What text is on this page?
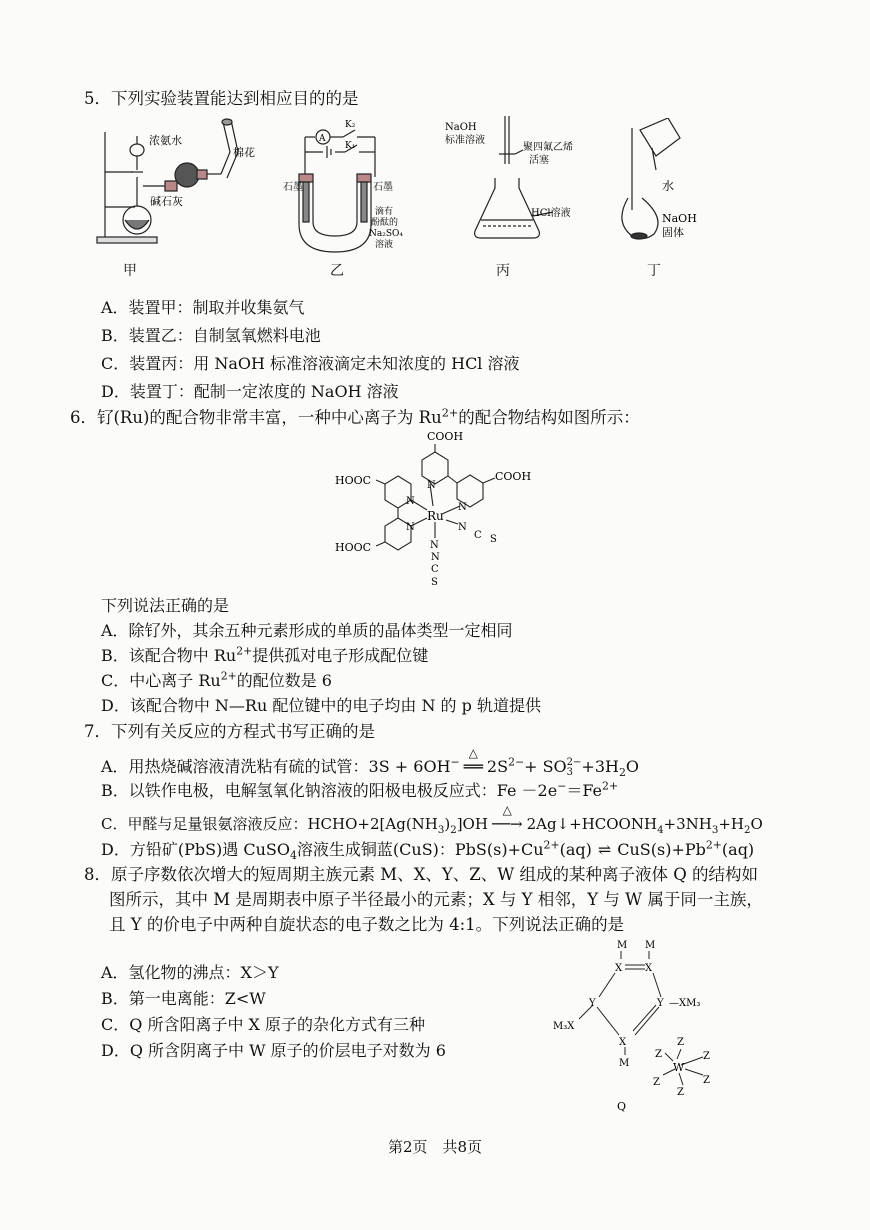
5．下列实验装置能达到相应目的的是
浓氨水
棉花
碱石灰
甲
A
K₂
K₁
石墨	石墨
滴有
酚酞的
Na₂SO₄
溶液
乙
NaOH
标准溶液
聚四氟乙烯
活塞
HCl溶液
丙
水
NaOH
固体
丁
A．装置甲：制取并收集氨气
B．装置乙：自制氢氧燃料电池
C．装置丙：用 NaOH 标准溶液滴定未知浓度的 HCl 溶液
D．装置丁：配制一定浓度的 NaOH 溶液
6．钌(Ru)的配合物非常丰富，一种中心离子为 $Ru^{2+}$的配合物结构如图所示：
COOH
HOOC	COOH
N
N
N
Ru
N
N
N
C S
HOOC
N
C
S
下列说法正确的是
A．除钌外，其余五种元素形成的单质的晶体类型一定相同
B．该配合物中 $Ru^{2+}$提供孤对电子形成配位键
C．中心离子 $Ru^{2+}$的配位数是 6
D．该配合物中 N—Ru 配位键中的电子均由 N 的 p 轨道提供
7．下列有关反应的方程式书写正确的是
A．用热烧碱溶液清洗粘有硫的试管：3S + 6OH− △ ══ $2S^{2-}+$ SO 2−
$3 +3H_2O$
B．以铁作电极，电解氢氧化钠溶液的阳极电极反应式：$Fe -2e^-=Fe^{2+}$
C．甲醛与足量银氨溶液反应：$HCHO+2[Ag(NH_3)_2]OH$ △ ──→ $2Ag↓+HCOONH_4+3NH_3+H_2O$
D．方铅矿(PbS)遇 CuSO$_4$溶液生成铜蓝(CuS)：$PbS(s)+Cu^{2+}(aq)$ ⇌ $CuS(s)+Pb^{2+}(aq)$
8．原子序数依次增大的短周期主族元素 M、X、Y、Z、W 组成的某种离子液体 Q 的结构如
图所示，其中 M 是周期表中原子半径最小的元素；X 与 Y 相邻，Y 与 W 属于同一主族，
且 Y 的价电子中两种自旋状态的电子数之比为 4:1。下列说法正确的是
A．氢化物的沸点：X＞Y
B．第一电离能：Z<W
C．Q 所含阳离子中 X 原子的杂化方式有三种
D．Q 所含阴离子中 W 原子的价层电子对数为 6
M M
X X
Y	Y —XM₃
M₃X
X
M
Z
Z	Z
W
Z
Z
Z
Q
第2页　共8页
